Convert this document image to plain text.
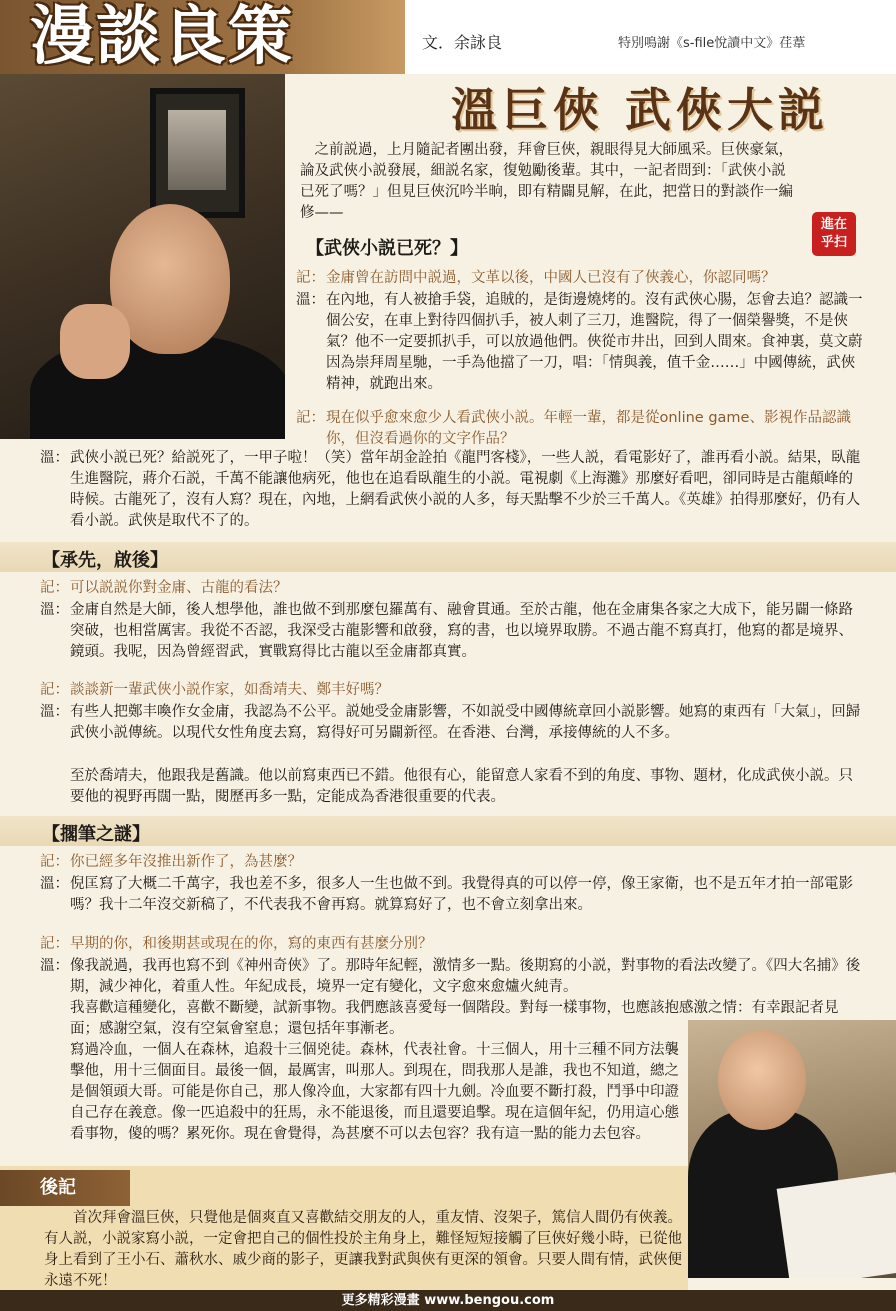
漫談良策	文．余詠良	特別鳴謝《s-file悅讀中文》荏葦
溫巨俠 武俠大説
之前説過，上月隨記者團出發，拜會巨俠，親眼得見大師風采。巨俠豪氣，論及武俠小説發展，細説名家，復勉勵後輩。其中，一記者問到：「武俠小説已死了嗎？」但見巨俠沉吟半晌，即有精闢見解，在此，把當日的對談作一編修——
進在
乎扫
【武俠小説已死？】
記： 金庸曾在訪問中説過，文革以後，中國人已沒有了俠義心，你認同嗎？
溫： 在內地，有人被搶手袋，追賊的，是街邊燒烤的。沒有武俠心腸，怎會去追？認識一個公安，在車上對待四個扒手，被人刺了三刀，進醫院，得了一個榮譽獎，不是俠氣？他不一定要抓扒手，可以放過他們。俠從市井出，回到人間來。食神裏，莫文蔚因為崇拜周星馳，一手為他擋了一刀，唱：「情與義，值千金……」中國傳統，武俠精神，就跑出來。
記： 現在似乎愈來愈少人看武俠小説。年輕一輩，都是從online game、影視作品認識你，但沒看過你的文字作品？
溫： 武俠小説已死？給説死了，一甲子啦！（笑）當年胡金詮拍《龍門客棧》，一些人説，看電影好了，誰再看小説。結果，臥龍生進醫院，蔣介石説，千萬不能讓他病死，他也在追看臥龍生的小説。電視劇《上海灘》那麼好看吧，卻同時是古龍顛峰的時候。古龍死了，沒有人寫？現在，內地，上網看武俠小説的人多，每天點擊不少於三千萬人。《英雄》拍得那麼好，仍有人看小説。武俠是取代不了的。
【承先，啟後】
記： 可以説説你對金庸、古龍的看法？
溫： 金庸自然是大師，後人想學他，誰也做不到那麼包羅萬有、融會貫通。至於古龍，他在金庸集各家之大成下，能另闢一條路突破，也相當厲害。我從不否認，我深受古龍影響和啟發，寫的書，也以境界取勝。不過古龍不寫真打，他寫的都是境界、鏡頭。我呢，因為曾經習武，實戰寫得比古龍以至金庸都真實。
記： 談談新一輩武俠小説作家，如喬靖夫、鄭丰好嗎？
溫： 有些人把鄭丰喚作女金庸，我認為不公平。説她受金庸影響，不如説受中國傳統章回小説影響。她寫的東西有「大氣」，回歸武俠小説傳統。以現代女性角度去寫，寫得好可另闢新徑。在香港、台灣，承接傳統的人不多。
至於喬靖夫，他跟我是舊識。他以前寫東西已不錯。他很有心，能留意人家看不到的角度、事物、題材，化成武俠小説。只要他的視野再闊一點，閱歷再多一點，定能成為香港很重要的代表。
【擱筆之謎】
記： 你已經多年沒推出新作了，為甚麼？
溫： 倪匡寫了大概二千萬字，我也差不多，很多人一生也做不到。我覺得真的可以停一停，像王家衛，也不是五年才拍一部電影嗎？我十二年沒交新稿了，不代表我不會再寫。就算寫好了，也不會立刻拿出來。
記： 早期的你，和後期甚或現在的你，寫的東西有甚麼分別？
溫： 像我説過，我再也寫不到《神州奇俠》了。那時年紀輕，激情多一點。後期寫的小説，對事物的看法改變了。《四大名捕》後期，減少神化，着重人性。年紀成長，境界一定有變化，文字愈來愈爐火純青。
我喜歡這種變化，喜歡不斷變，試新事物。我們應該喜愛每一個階段。對每一樣事物，也應該抱感激之情：有幸跟記者見面；感謝空氣，沒有空氣會窒息；還包括年事漸老。
寫過冷血，一個人在森林，追殺十三個兇徒。森林，代表社會。十三個人，用十三種不同方法襲擊他，用十三個面目。最後一個，最厲害，叫那人。到現在，問我那人是誰，我也不知道，總之是個領頭大哥。可能是你自己，那人像冷血，大家都有四十九劍。冷血要不斷打殺，鬥爭中印證自己存在義意。像一匹追殺中的狂馬，永不能退後，而且還要追擊。現在這個年紀，仍用這心態看事物，傻的嗎？累死你。現在會覺得，為甚麼不可以去包容？我有這一點的能力去包容。
後記
首次拜會溫巨俠，只覺他是個爽直又喜歡結交朋友的人，重友情、沒架子，篤信人間仍有俠義。有人説，小説家寫小説，一定會把自己的個性投於主角身上，難怪短短接觸了巨俠好幾小時，已從他身上看到了王小石、蕭秋水、戚少商的影子，更讓我對武與俠有更深的領會。只要人間有情，武俠便永遠不死！
更多精彩漫畫 www.bengou.com
